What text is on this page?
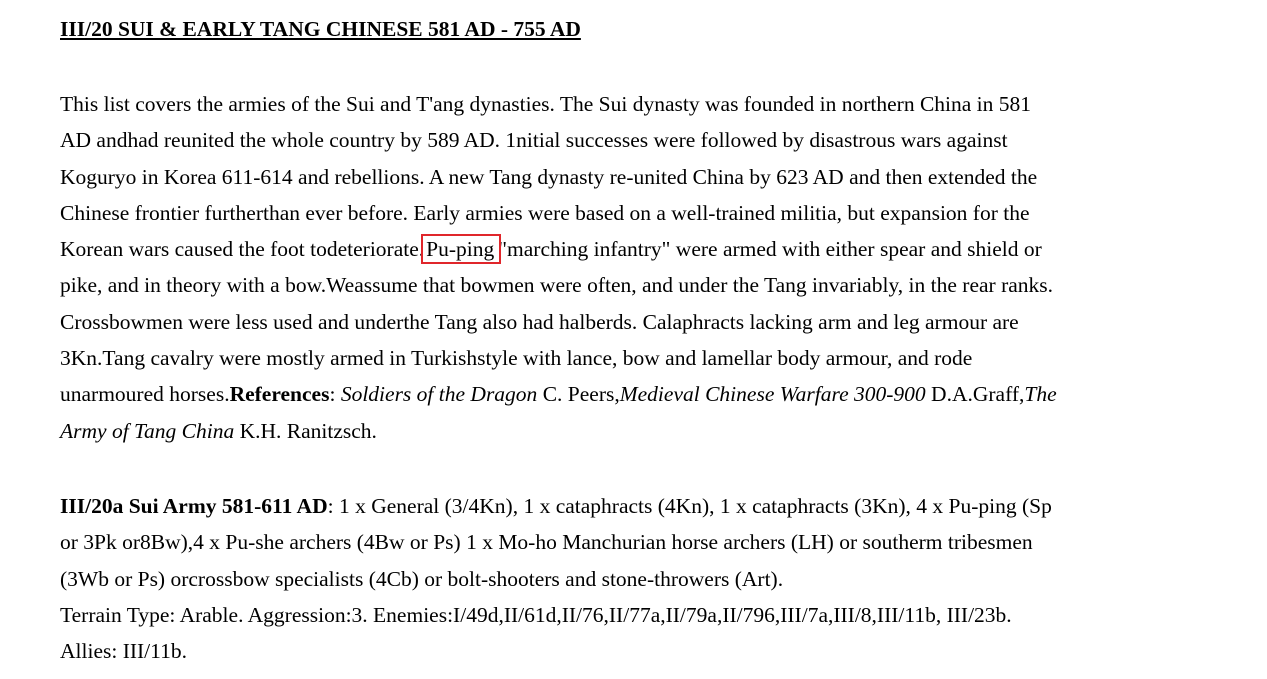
III/20 SUI & EARLY TANG CHINESE 581 AD - 755 AD

This list covers the armies of the Sui and T'ang dynasties. The Sui dynasty was founded in northern China in 581
AD andhad reunited the whole country by 589 AD. 1nitial successes were followed by disastrous wars against
Koguryo in Korea 611-614 and rebellions. A new Tang dynasty re-united China by 623 AD and then extended the
Chinese frontier furtherthan ever before. Early armies were based on a well-trained militia, but expansion for the
Korean wars caused the foot todeteriorate.Pu-ping "marching infantry" were armed with either spear and shield or
pike, and in theory with a bow.Weassume that bowmen were often, and under the Tang invariably, in the rear ranks.
Crossbowmen were less used and underthe Tang also had halberds. Calaphracts lacking arm and leg armour are
3Kn.Tang cavalry were mostly armed in Turkishstyle with lance, bow and lamellar body armour, and rode
unarmoured horses.References: Soldiers of the Dragon C. Peers,Medieval Chinese Warfare 300-900 D.A.Graff,The
Army of Tang China K.H. Ranitzsch.

III/20a Sui Army 581-611 AD: 1 x General (3/4Kn), 1 x cataphracts (4Kn), 1 x cataphracts (3Kn), 4 x Pu-ping (Sp
or 3Pk or8Bw),4 x Pu-she archers (4Bw or Ps) 1 x Mo-ho Manchurian horse archers (LH) or southerm tribesmen
(3Wb or Ps) orcrossbow specialists (4Cb) or bolt-shooters and stone-throwers (Art).
Terrain Type: Arable. Aggression:3. Enemies:I/49d,II/61d,II/76,II/77a,II/79a,II/796,III/7a,III/8,III/11b, III/23b.
Allies: III/11b.
